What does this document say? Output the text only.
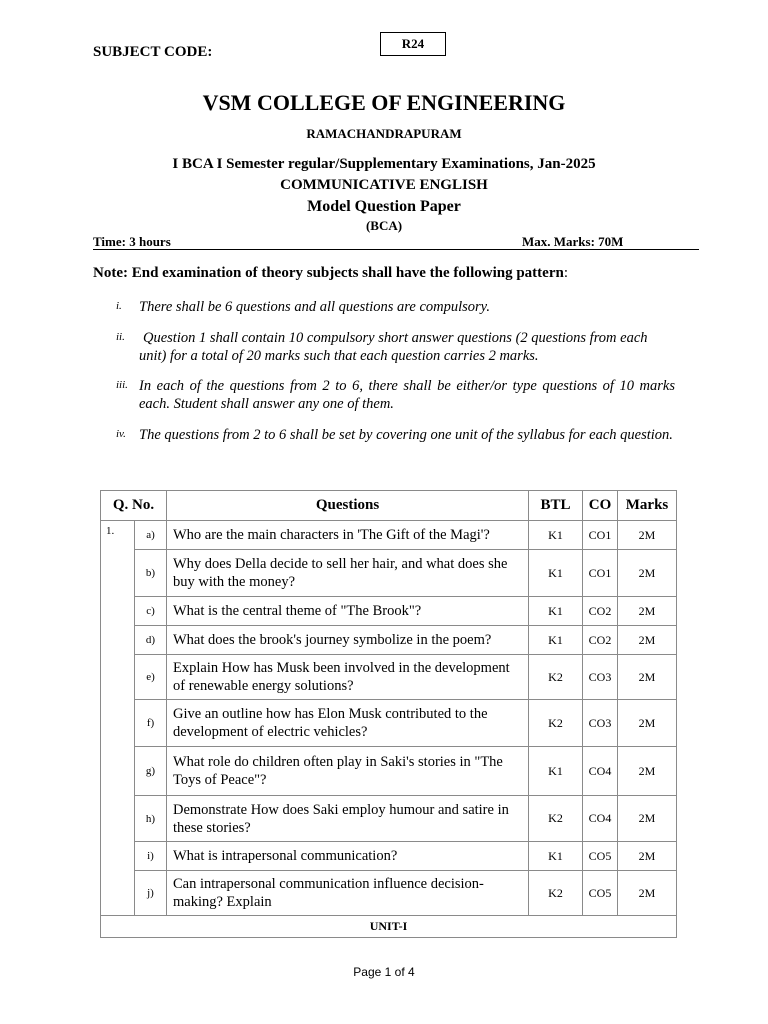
SUBJECT CODE:
R24
VSM COLLEGE OF ENGINEERING
RAMACHANDRAPURAM
I BCA I Semester regular/Supplementary Examinations, Jan-2025
COMMUNICATIVE ENGLISH
Model Question Paper
(BCA)
Time: 3 hours	Max. Marks: 70M
Note: End examination of theory subjects shall have the following pattern:
i. There shall be 6 questions and all questions are compulsory.
ii. Question 1 shall contain 10 compulsory short answer questions (2 questions from each unit) for a total of 20 marks such that each question carries 2 marks.
iii. In each of the questions from 2 to 6, there shall be either/or type questions of 10 marks each. Student shall answer any one of them.
iv. The questions from 2 to 6 shall be set by covering one unit of the syllabus for each question.
Q. No.		Questions	BTL	CO	Marks
1.	a)	Who are the main characters in 'The Gift of the Magi'?	K1	CO1	2M
	b)	Why does Della decide to sell her hair, and what does she buy with the money?	K1	CO1	2M
	c)	What is the central theme of "The Brook"?	K1	CO2	2M
	d)	What does the brook's journey symbolize in the poem?	K1	CO2	2M
	e)	Explain How has Musk been involved in the development of renewable energy solutions?	K2	CO3	2M
	f)	Give an outline how has Elon Musk contributed to the development of electric vehicles?	K2	CO3	2M
	g)	What role do children often play in Saki's stories in "The Toys of Peace"?	K1	CO4	2M
	h)	Demonstrate How does Saki employ humour and satire in these stories?	K2	CO4	2M
	i)	What is intrapersonal communication?	K1	CO5	2M
	j)	Can intrapersonal communication influence decision-making? Explain	K2	CO5	2M
UNIT-I					
Page 1 of 4
